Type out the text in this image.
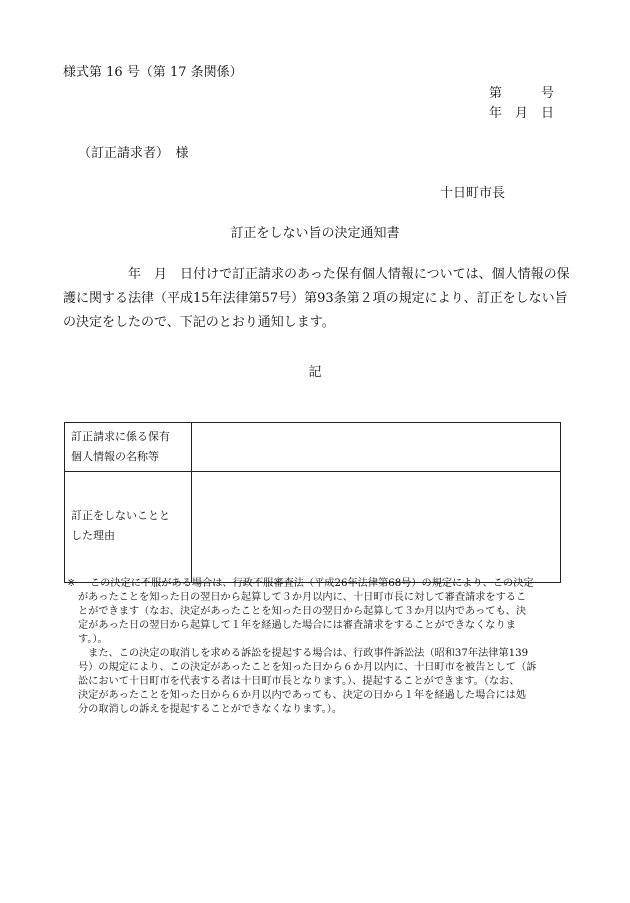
様式第 16 号（第 17 条関係）
第　　　号
年　月　日
（訂正請求者）　様
十日町市長
訂正をしない旨の決定通知書

　　　　　年　月　日付けで訂正請求のあった保有個人情報については、個人情報の保

護に関する法律（平成15年法律第57号）第93条第２項の規定により、訂正をしない旨

の決定をしたので、下記のとおり通知します。

記
訂正請求に係る保有
個人情報の名称等	

訂正をしないことと
した理由	

※ この決定に不服がある場合は、行政不服審査法（平成26年法律第68号）の規定により、この決定
があったことを知った日の翌日から起算して３か月以内に、十日町市長に対して審査請求をするこ
とができます（なお、決定があったことを知った日の翌日から起算して３か月以内であっても、決
定があった日の翌日から起算して１年を経過した場合には審査請求をすることができなくなりま
す。）。
　また、この決定の取消しを求める訴訟を提起する場合は、行政事件訴訟法（昭和37年法律第139
号）の規定により、この決定があったことを知った日から６か月以内に、十日町市を被告として（訴
訟において十日町市を代表する者は十日町市長となります。）、提起することができます。（なお、
決定があったことを知った日から６か月以内であっても、決定の日から１年を経過した場合には処
分の取消しの訴えを提起することができなくなります。）。
